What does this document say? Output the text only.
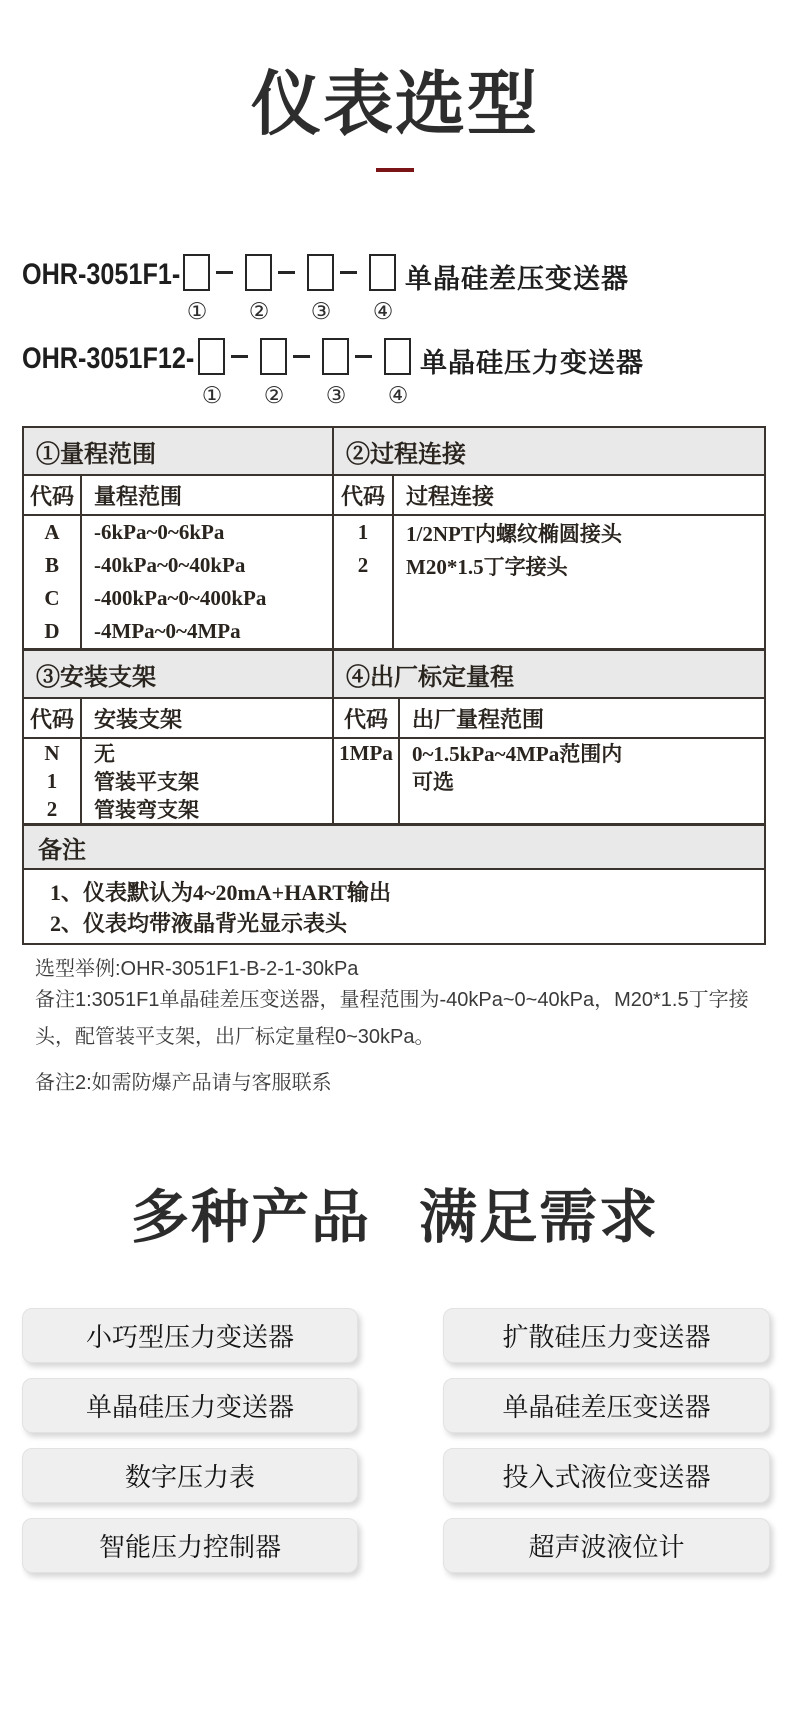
仪表选型
OHR-3051F1-	单晶硅差压变送器
① ② ③ ④
OHR-3051F12-	单晶硅压力变送器
① ② ③ ④
①量程范围
代码 量程范围
A	-6kPa~0~6kPa
B	-40kPa~0~40kPa
C	-400kPa~0~400kPa
D	-4MPa~0~4MPa
②过程连接
代码 过程连接
1	1/2NPT内螺纹椭圆接头
2	M20*1.5丁字接头
③安装支架
代码 安装支架
N	无
1	管装平支架
2	管装弯支架
④出厂标定量程
代码	出厂量程范围
1MPa 0~1.5kPa~4MPa范围内
可选
备注
1、仪表默认为4~20mA+HART输出
2、仪表均带液晶背光显示表头

选型举例:OHR-3051F1-B-2-1-30kPa

备注1:3051F1单晶硅差压变送器，量程范围为-40kPa~0~40kPa，M20*1.5丁字接头，配管装平支架，出厂标定量程0~30kPa。

备注2:如需防爆产品请与客服联系

多种产品 满足需求
小巧型压力变送器	扩散硅压力变送器
单晶硅压力变送器	单晶硅差压变送器
数字压力表	投入式液位变送器
智能压力控制器	超声波液位计
